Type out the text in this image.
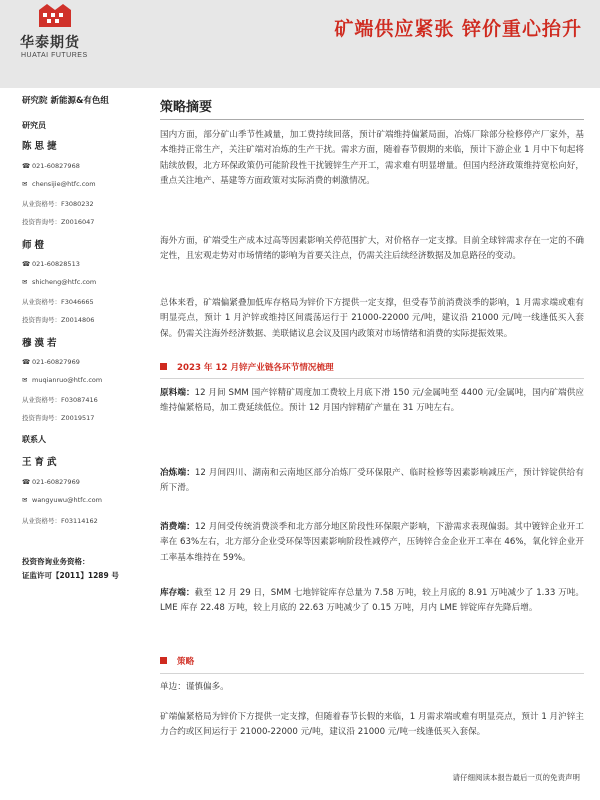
华泰期货
HUATAI FUTURES
矿端供应紧张 锌价重心抬升
研究院 新能源&有色组
研究员
陈思捷
☎ 021-60827968
✉ chensijie@htfc.com
从业资格号：F3080232
投资咨询号：Z0016047
师橙
☎ 021-60828513
✉ shicheng@htfc.com
从业资格号：F3046665
投资咨询号：Z0014806
穆漠若
☎ 021-60827969
✉ muqianruo@htfc.com
从业资格号：F03087416
投资咨询号：Z0019517
联系人
王育武
☎ 021-60827969
✉ wangyuwu@htfc.com
从业资格号：F03114162
投资咨询业务资格：
证监许可【2011】1289 号
策略摘要
国内方面，部分矿山季节性减量，加工费持续回落，预计矿端维持偏紧局面，冶炼厂除部分检修停产厂家外，基本维持正常生产，关注矿端对冶炼的生产干扰。需求方面，随着春节假期的来临，预计下游企业 1 月中下旬起将陆续放假，北方环保政策仍可能阶段性干扰镀锌生产开工，需求难有明显增量。但国内经济政策维持宽松向好，重点关注地产、基建等方面政策对实际消费的刺激情况。
海外方面，矿端受生产成本过高等因素影响关停范围扩大，对价格存一定支撑。目前全球锌需求存在一定的不确定性，且宏观走势对市场情绪的影响为首要关注点，仍需关注后续经济数据及加息路径的变动。
总体来看，矿端偏紧叠加低库存格局为锌价下方提供一定支撑，但受春节前消费淡季的影响，1 月需求端或难有明显亮点，预计 1 月沪锌或维持区间震荡运行于 21000-22000 元/吨，建议沿 21000 元/吨一线逢低买入套保。仍需关注海外经济数据、美联储议息会议及国内政策对市场情绪和消费的实际提振效果。
2023 年 12 月锌产业链各环节情况梳理
原料端：12 月间 SMM 国产锌精矿周度加工费较上月底下滑 150 元/金属吨至 4400 元/金属吨，国内矿端供应维持偏紧格局，加工费延续低位。预计 12 月国内锌精矿产量在 31 万吨左右。
冶炼端：12 月间四川、湖南和云南地区部分冶炼厂受环保限产、临时检修等因素影响减压产，预计锌锭供给有所下滑。
消费端：12 月间受传统消费淡季和北方部分地区阶段性环保限产影响，下游需求表现偏弱。其中镀锌企业开工率在 63%左右，北方部分企业受环保等因素影响阶段性减停产，压铸锌合金企业开工率在 46%，氧化锌企业开工率基本维持在 59%。
库存端：截至 12 月 29 日，SMM 七地锌锭库存总量为 7.58 万吨，较上月底的 8.91 万吨减少了 1.33 万吨。LME 库存 22.48 万吨，较上月底的 22.63 万吨减少了 0.15 万吨，月内 LME 锌锭库存先降后增。
策略
单边：谨慎偏多。
矿端偏紧格局为锌价下方提供一定支撑，但随着春节长假的来临，1 月需求端或难有明显亮点，预计 1 月沪锌主力合约或区间运行于 21000-22000 元/吨，建议沿 21000 元/吨一线逢低买入套保。
请仔细阅读本报告最后一页的免责声明
